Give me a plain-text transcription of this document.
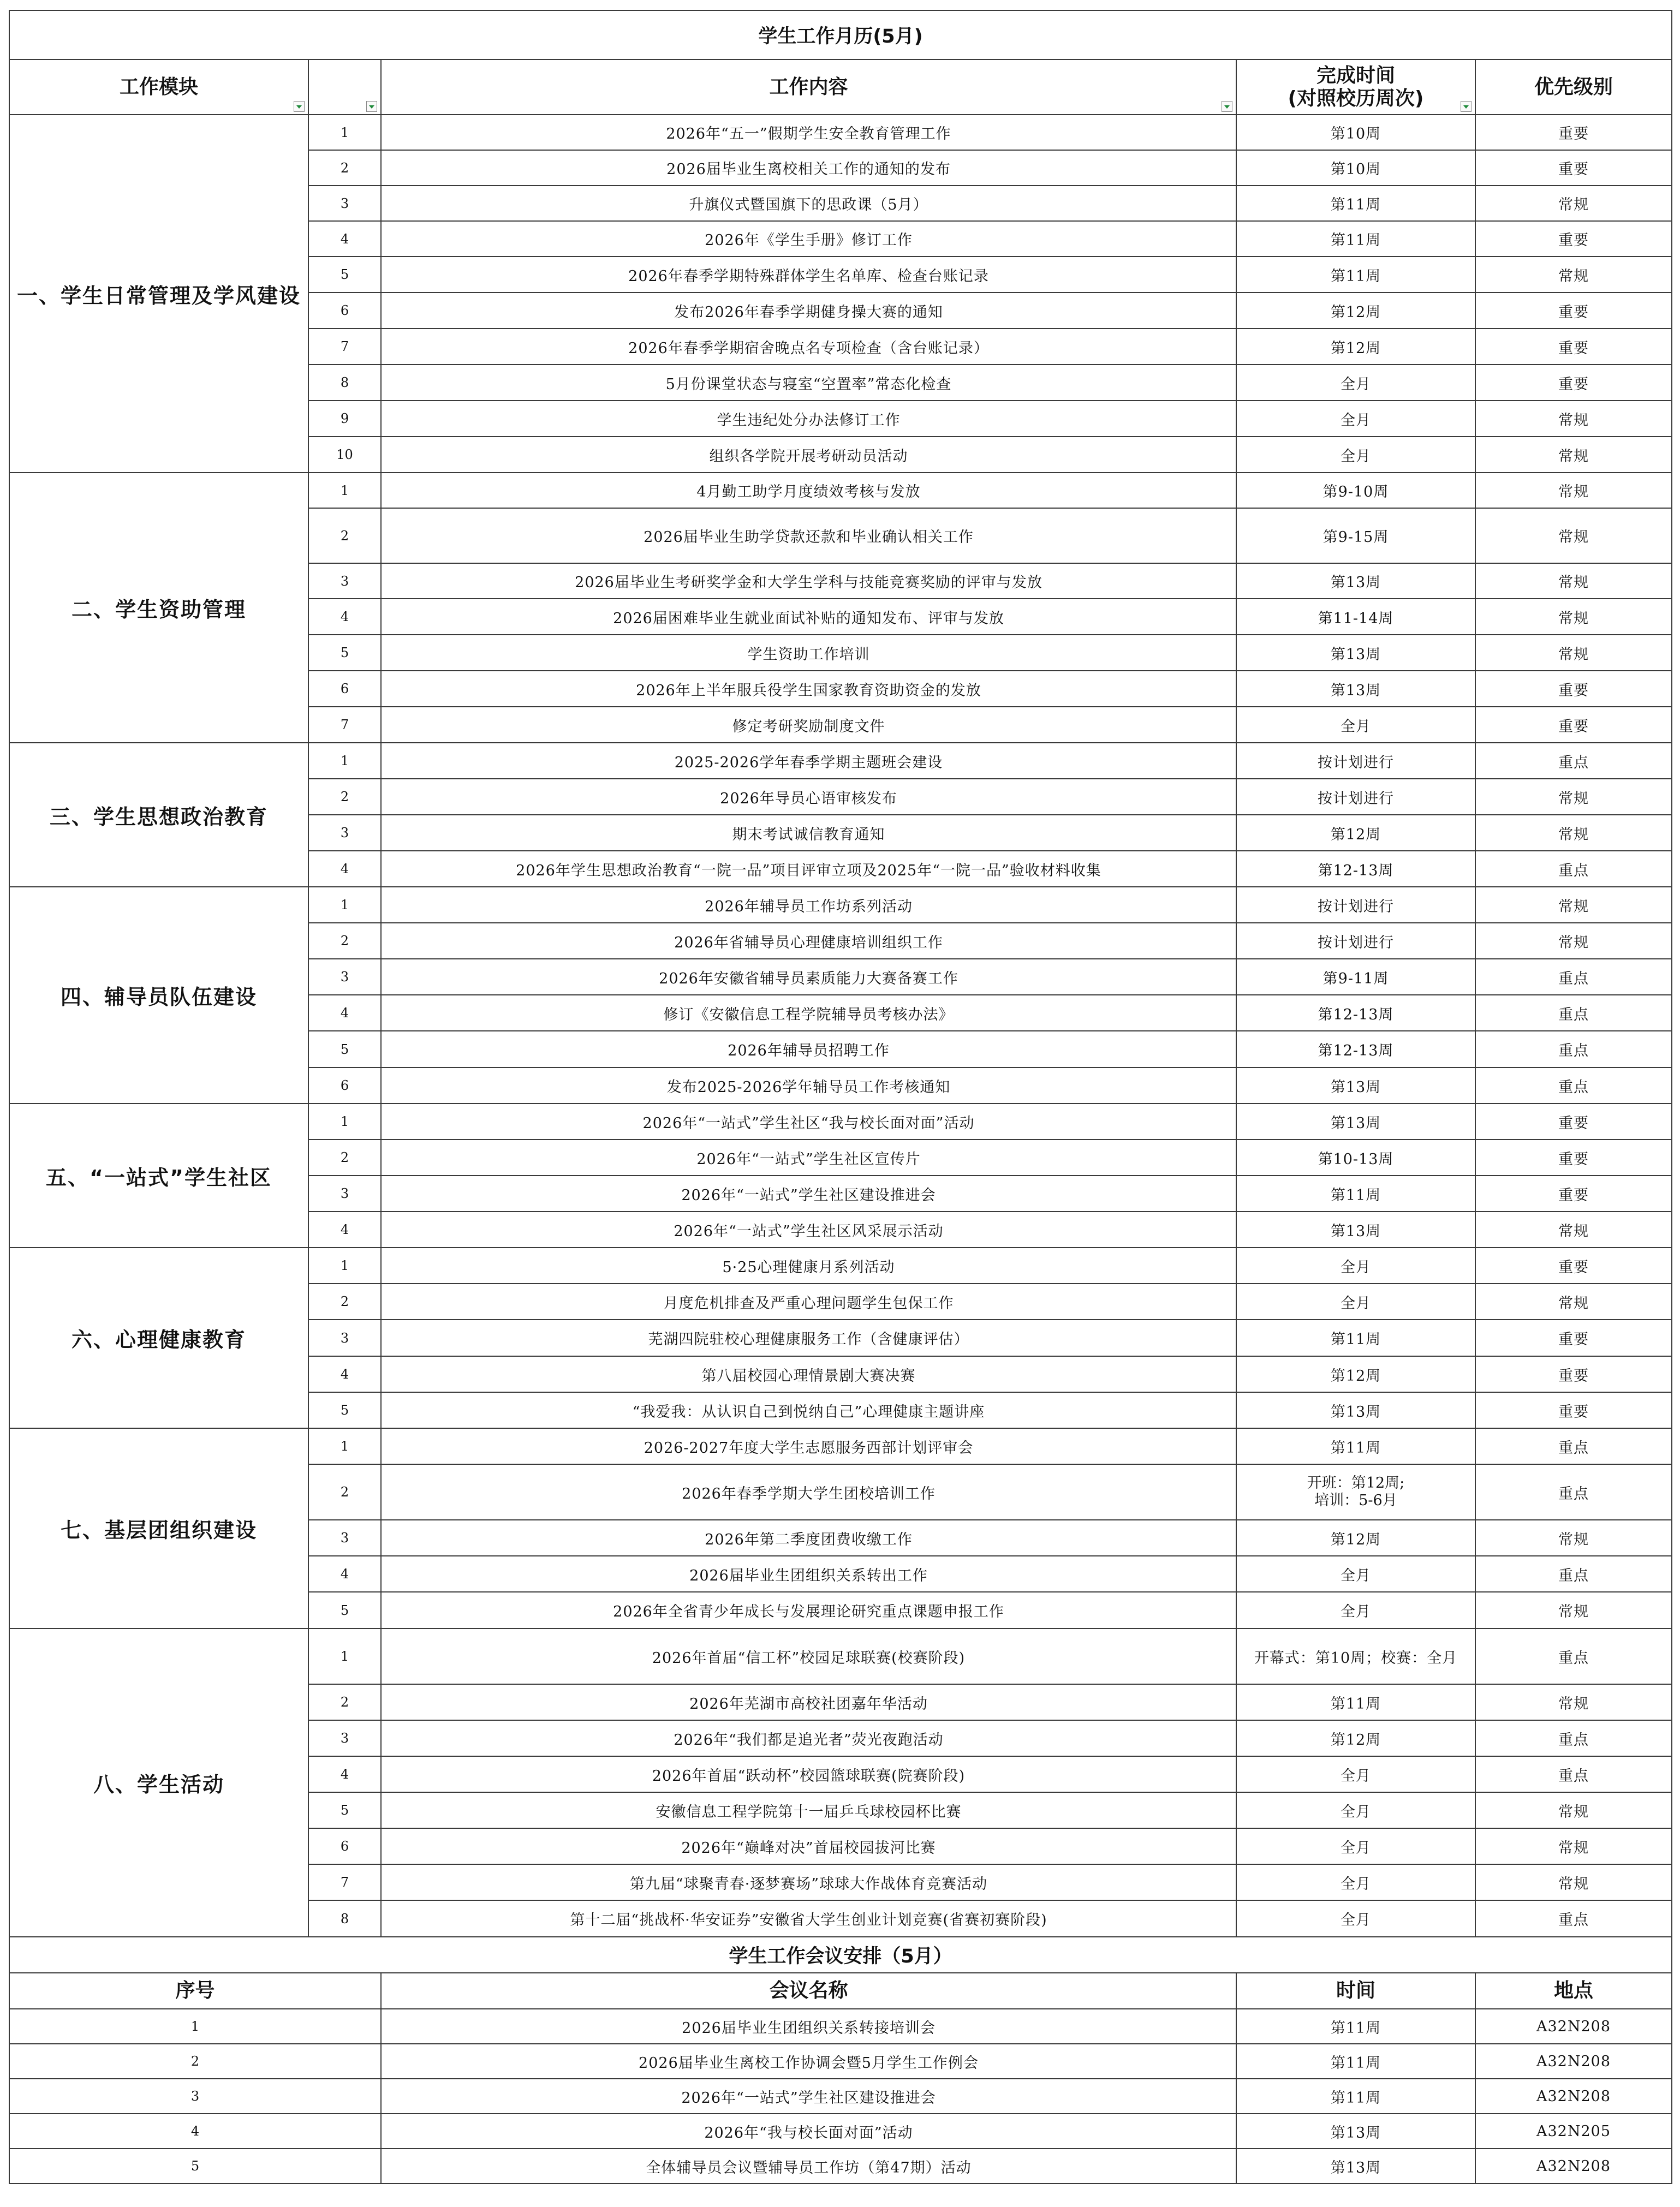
学生工作月历(5月)				
工作模块		工作内容	完成时间
(对照校历周次)	优先级别
一、学生日常管理及学风建设	1	2026年“五一”假期学生安全教育管理工作	第10周	重要
	2	2026届毕业生离校相关工作的通知的发布	第10周	重要
	3	升旗仪式暨国旗下的思政课（5月）	第11周	常规
	4	2026年《学生手册》修订工作	第11周	重要
	5	2026年春季学期特殊群体学生名单库、检查台账记录	第11周	常规
	6	发布2026年春季学期健身操大赛的通知	第12周	重要
	7	2026年春季学期宿舍晚点名专项检查（含台账记录）	第12周	重要
	8	5月份课堂状态与寝室“空置率”常态化检查	全月	重要
	9	学生违纪处分办法修订工作	全月	常规
	10	组织各学院开展考研动员活动	全月	常规
二、学生资助管理	1	4月勤工助学月度绩效考核与发放	第9-10周	常规
	2	2026届毕业生助学贷款还款和毕业确认相关工作	第9-15周	常规
	3	2026届毕业生考研奖学金和大学生学科与技能竞赛奖励的评审与发放	第13周	常规
	4	2026届困难毕业生就业面试补贴的通知发布、评审与发放	第11-14周	常规
	5	学生资助工作培训	第13周	常规
	6	2026年上半年服兵役学生国家教育资助资金的发放	第13周	重要
	7	修定考研奖励制度文件	全月	重要
三、学生思想政治教育	1	2025-2026学年春季学期主题班会建设	按计划进行	重点
	2	2026年导员心语审核发布	按计划进行	常规
	3	期末考试诚信教育通知	第12周	常规
	4	2026年学生思想政治教育“一院一品”项目评审立项及2025年“一院一品”验收材料收集	第12-13周	重点
四、辅导员队伍建设	1	2026年辅导员工作坊系列活动	按计划进行	常规
	2	2026年省辅导员心理健康培训组织工作	按计划进行	常规
	3	2026年安徽省辅导员素质能力大赛备赛工作	第9-11周	重点
	4	修订《安徽信息工程学院辅导员考核办法》	第12-13周	重点
	5	2026年辅导员招聘工作	第12-13周	重点
	6	发布2025-2026学年辅导员工作考核通知	第13周	重点
五、“一站式”学生社区	1	2026年“一站式”学生社区“我与校长面对面”活动	第13周	重要
	2	2026年“一站式”学生社区宣传片	第10-13周	重要
	3	2026年“一站式”学生社区建设推进会	第11周	重要
	4	2026年“一站式”学生社区风采展示活动	第13周	常规
六、心理健康教育	1	5·25心理健康月系列活动	全月	重要
	2	月度危机排查及严重心理问题学生包保工作	全月	常规
	3	芜湖四院驻校心理健康服务工作（含健康评估）	第11周	重要
	4	第八届校园心理情景剧大赛决赛	第12周	重要
	5	“我爱我：从认识自己到悦纳自己”心理健康主题讲座	第13周	重要
七、基层团组织建设	1	2026-2027年度大学生志愿服务西部计划评审会	第11周	重点
	2	2026年春季学期大学生团校培训工作	开班：第12周;
培训：5-6月	重点
	3	2026年第二季度团费收缴工作	第12周	常规
	4	2026届毕业生团组织关系转出工作	全月	重点
	5	2026年全省青少年成长与发展理论研究重点课题申报工作	全月	常规
八、学生活动	1	2026年首届“信工杯”校园足球联赛(校赛阶段)	开幕式：第10周；校赛：全月	重点
	2	2026年芜湖市高校社团嘉年华活动	第11周	常规
	3	2026年“我们都是追光者”荧光夜跑活动	第12周	重点
	4	2026年首届“跃动杯”校园篮球联赛(院赛阶段)	全月	重点
	5	安徽信息工程学院第十一届乒乓球校园杯比赛	全月	常规
	6	2026年“巅峰对决”首届校园拔河比赛	全月	常规
	7	第九届“球聚青春·逐梦赛场”球球大作战体育竞赛活动	全月	常规
	8	第十二届“挑战杯·华安证券”安徽省大学生创业计划竞赛(省赛初赛阶段)	全月	重点
学生工作会议安排（5月）				
序号		会议名称	时间	地点
1		2026届毕业生团组织关系转接培训会	第11周	A32N208
2		2026届毕业生离校工作协调会暨5月学生工作例会	第11周	A32N208
3		2026年“一站式”学生社区建设推进会	第11周	A32N208
4		2026年“我与校长面对面”活动	第13周	A32N205
5		全体辅导员会议暨辅导员工作坊（第47期）活动	第13周	A32N208
